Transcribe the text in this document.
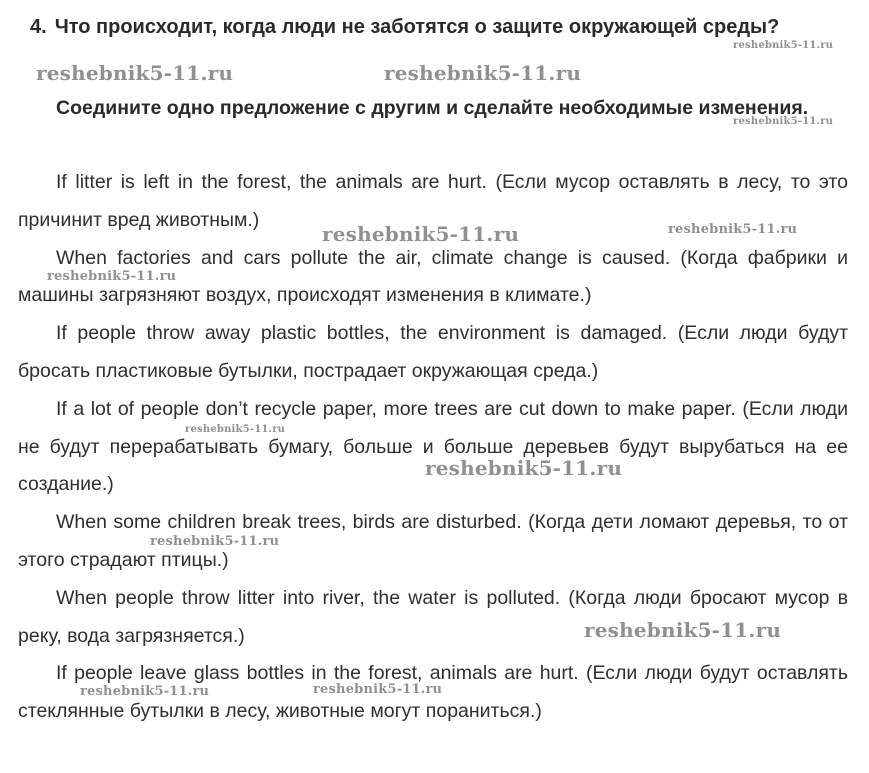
4. Что происходит, когда люди не заботятся о защите окружающей среды?
Соедините одно предложение с другим и сделайте необходимые изменения.

If litter is left in the forest, the animals are hurt. (Если мусор оставлять в лесу, то это причинит вред животным.)

When factories and cars pollute the air, climate change is caused. (Когда фабрики и машины загрязняют воздух, происходят изменения в климате.)

If people throw away plastic bottles, the environment is damaged. (Если люди будут бросать пластиковые бутылки, пострадает окружающая среда.)

If a lot of people don’t recycle paper, more trees are cut down to make paper. (Если люди не будут перерабатывать бумагу, больше и больше деревьев будут вырубаться на ее создание.)

When some children break trees, birds are disturbed. (Когда дети ломают деревья, то от этого страдают птицы.)

When people throw litter into river, the water is polluted. (Когда люди бросают мусор в реку, вода загрязняется.)

If people leave glass bottles in the forest, animals are hurt. (Если люди будут оставлять стеклянные бутылки в лесу, животные могут пораниться.)

reshebnik5-11.ru
reshebnik5-11.ru	reshebnik5-11.ru
reshebnik5-11.ru
reshebnik5-11.ru	reshebnik5-11.ru
reshebnik5-11.ru
reshebnik5-11.ru
reshebnik5-11.ru
reshebnik5-11.ru
reshebnik5-11.ru
reshebnik5-11.ru	reshebnik5-11.ru
